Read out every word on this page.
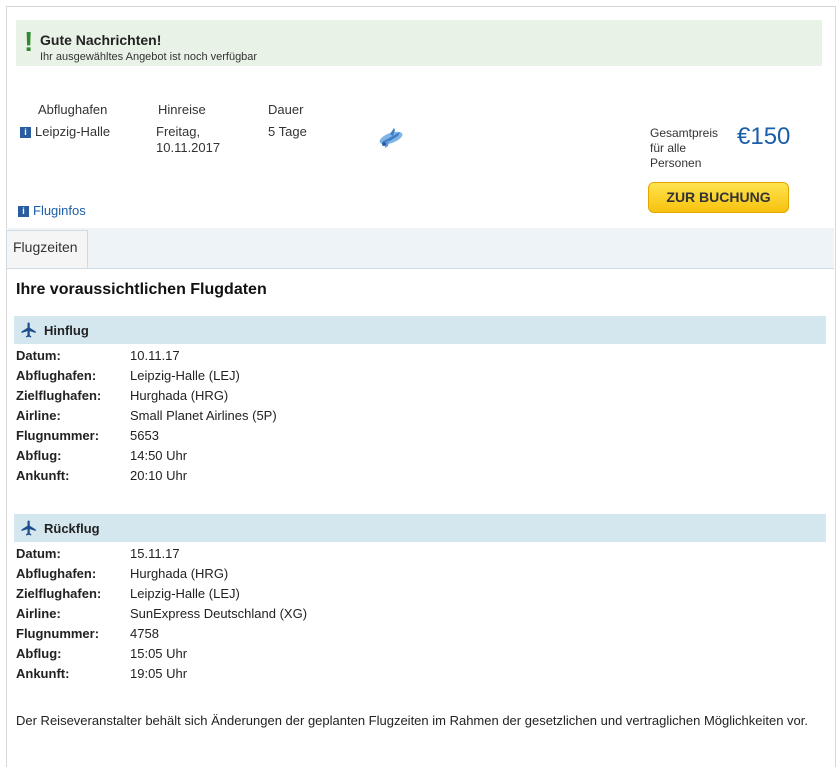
! Gute Nachrichten!
Ihr ausgewähltes Angebot ist noch verfügbar
Abflughafen	Hinreise	Dauer
i Leipzig-Halle	Freitag,
10.11.2017
5 Tage	Gesamtpreis
für alle
Personen
€150
ZUR BUCHUNG
i Fluginfos
Flugzeiten
Ihre voraussichtlichen Flugdaten
Hinflug
Datum:	10.11.17
Abflughafen:	Leipzig-Halle (LEJ)
Zielflughafen:	Hurghada (HRG)
Airline:	Small Planet Airlines (5P)
Flugnummer:	5653
Abflug:	14:50 Uhr
Ankunft:	20:10 Uhr
Rückflug
Datum:	15.11.17
Abflughafen:	Hurghada (HRG)
Zielflughafen:	Leipzig-Halle (LEJ)
Airline:	SunExpress Deutschland (XG)
Flugnummer:	4758
Abflug:	15:05 Uhr
Ankunft:	19:05 Uhr
Der Reiseveranstalter behält sich Änderungen der geplanten Flugzeiten im Rahmen der gesetzlichen und vertraglichen Möglichkeiten vor.
